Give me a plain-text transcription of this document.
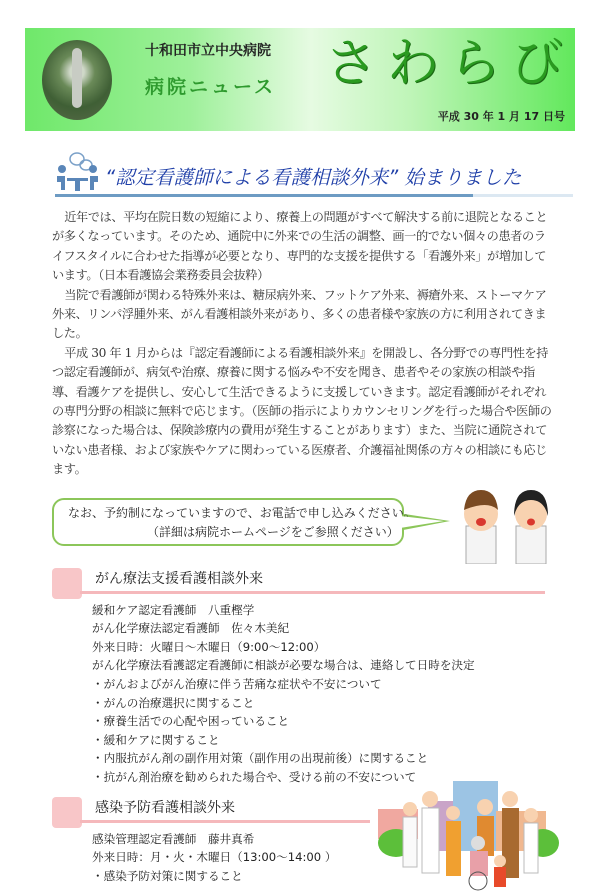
十和田市立中央病院
病院ニュース さわらび
平成 30 年 1 月 17 日号
“認定看護師による看護相談外来” 始まりました

近年では、平均在院日数の短縮により、療養上の問題がすべて解決する前に退院となることが多くなっています。そのため、通院中に外来での生活の調整、画一的でない個々の患者のライフスタイルに合わせた指導が必要となり、専門的な支援を提供する「看護外来」が増加しています。（日本看護協会業務委員会抜粋）

当院で看護師が関わる特殊外来は、糖尿病外来、フットケア外来、褥瘡外来、ストーマケア外来、リンパ浮腫外来、がん看護相談外来があり、多くの患者様や家族の方に利用されてきました。

平成 30 年 1 月からは『認定看護師による看護相談外来』を開設し、各分野での専門性を持つ認定看護師が、病気や治療、療養に関する悩みや不安を聞き、患者やその家族の相談や指導、看護ケアを提供し、安心して生活できるように支援していきます。認定看護師がそれぞれの専門分野の相談に無料で応じます。（医師の指示によりカウンセリングを行った場合や医師の診察になった場合は、保険診療内の費用が発生することがあります）また、当院に通院されていない患者様、および家族やケアに関わっている医療者、介護福祉関係の方々の相談にも応じます。

なお、予約制になっていますので、お電話で申し込みください。
（詳細は病院ホームページをご参照ください）
がん療法支援看護相談外来
緩和ケア認定看護師　八重樫学
がん化学療法認定看護師　佐々木美紀
外来日時：火曜日～木曜日（9:00～12:00）
がん化学療法看護認定看護師に相談が必要な場合は、連絡して日時を決定
・がんおよびがん治療に伴う苦痛な症状や不安について
・がんの治療選択に関すること
・療養生活での心配や困っていること
・緩和ケアに関すること
・内服抗がん剤の副作用対策（副作用の出現前後）に関すること
・抗がん剤治療を勧められた場合や、受ける前の不安について
感染予防看護相談外来
感染管理認定看護師　藤井真希
外来日時：月・火・木曜日（13:00～14:00 ）
・感染予防対策に関すること
